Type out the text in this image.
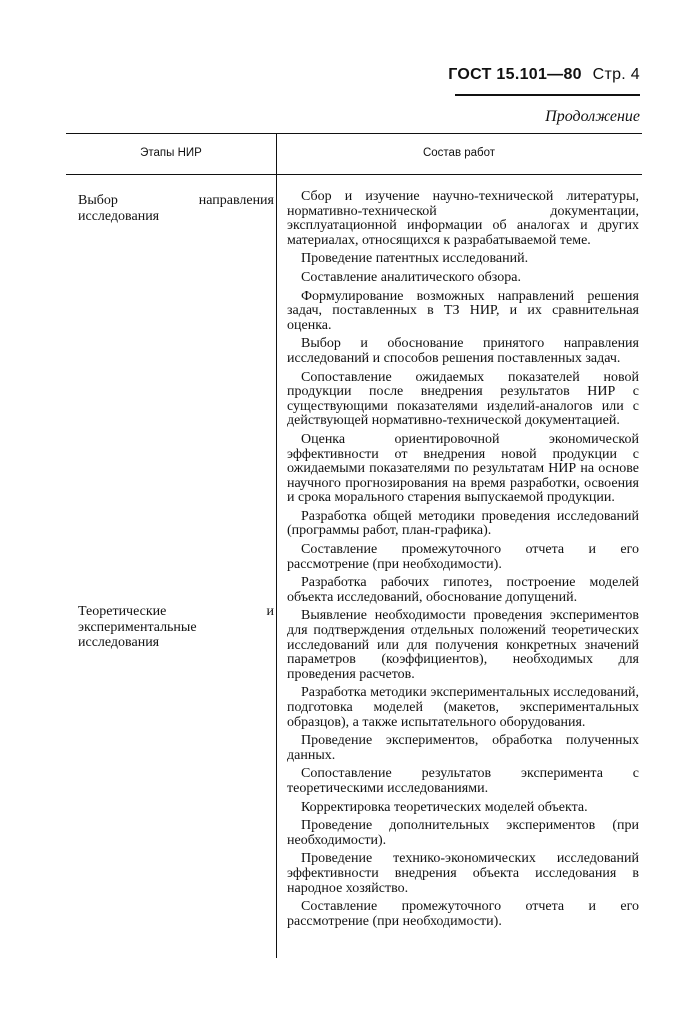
ГОСТ 15.101—80 Стр. 4
Продолжение
Этапы НИР	Состав работ
Выбор направления исследования
Теоретические и экспериментальные исследования

Сбор и изучение научно-технической литературы, нормативно-технической документации, эксплуатационной информации об аналогах и других материалах, относящихся к разрабатываемой теме.

Проведение патентных исследований.

Составление аналитического обзора.

Формулирование возможных направлений решения задач, поставленных в ТЗ НИР, и их сравнительная оценка.

Выбор и обоснование принятого направления исследований и способов решения поставленных задач.

Сопоставление ожидаемых показателей новой продукции после внедрения результатов НИР с существующими показателями изделий-аналогов или с действующей нормативно-технической документацией.

Оценка ориентировочной экономической эффективности от внедрения новой продукции с ожидаемыми показателями по результатам НИР на основе научного прогнозирования на время разработки, освоения и срока морального старения выпускаемой продукции.

Разработка общей методики проведения исследований (программы работ, план-графика).

Составление промежуточного отчета и его рассмотрение (при необходимости).

Разработка рабочих гипотез, построение моделей объекта исследований, обоснование допущений.

Выявление необходимости проведения экспериментов для подтверждения отдельных положений теоретических исследований или для получения конкретных значений параметров (коэффициентов), необходимых для проведения расчетов.

Разработка методики экспериментальных исследований, подготовка моделей (макетов, экспериментальных образцов), а также испытательного оборудования.

Проведение экспериментов, обработка полученных данных.

Сопоставление результатов эксперимента с теоретическими исследованиями.

Корректировка теоретических моделей объекта.

Проведение дополнительных экспериментов (при необходимости).

Проведение технико-экономических исследований эффективности внедрения объекта исследования в народное хозяйство.

Составление промежуточного отчета и его рассмотрение (при необходимости).
